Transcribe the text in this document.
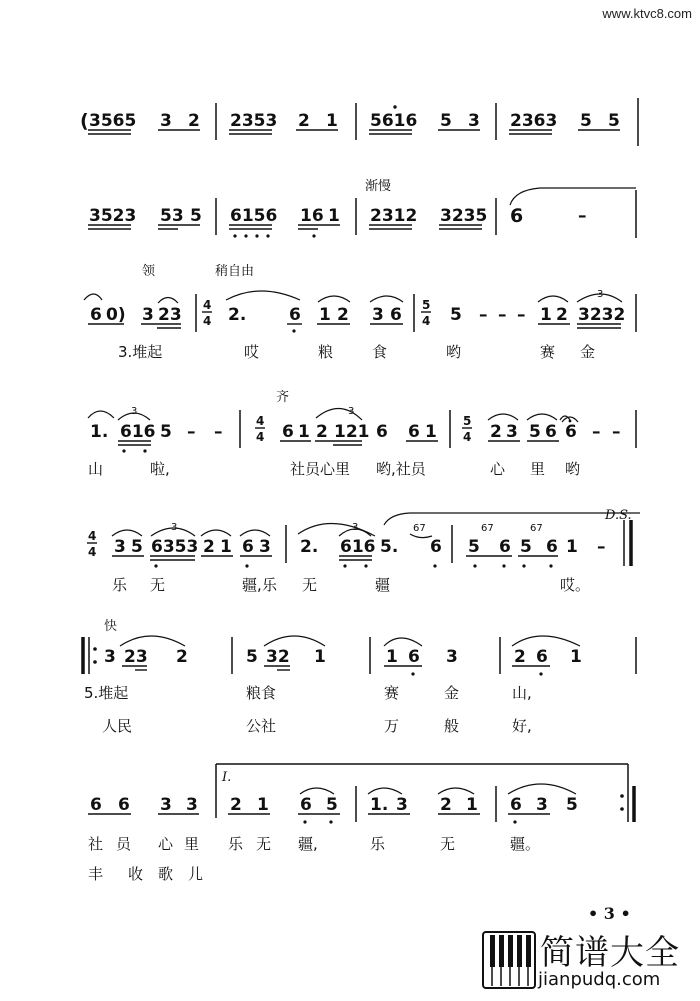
www.ktvc8.com
( 3565 3 2 2353 2 1 5616 5 3 2363 5 5
渐慢
3523 53 5 6156 16 1 2312 3235 6	–
领	稍自由
6 0) 3 23 4
4 2.	6 1 2 3 6 5
4 5 – – – 1 2
3
3232
3.堆起	哎	粮	食	哟	赛 金
齐
1.
3
616 5 – –
4
4 6 1 2
3
121 6 6 1
5
4 2 3 5 6 6 – –
山	啦,	社员心里 哟,社员	心 里 哟
D.S.
4
4 3 5
3
6353 2 1 6 3 2.
3
616 5.
67
6 5
67
6 5
67
6 1 –
乐 无	疆, 乐 无	疆	哎。
快
3 23 2	5 32 1	1 6 3	2 6 1
5.堆起	粮食	赛	金	山,
人民	公社	万	般	好,
I.
6 6 3 3 2 1 6 5 1. 3 2 1 6 3 5
社 员 心 里 乐 无 疆,	乐	无	疆。
丰 收 歌 儿
• 3 •
简谱大全
jianpudq.com
